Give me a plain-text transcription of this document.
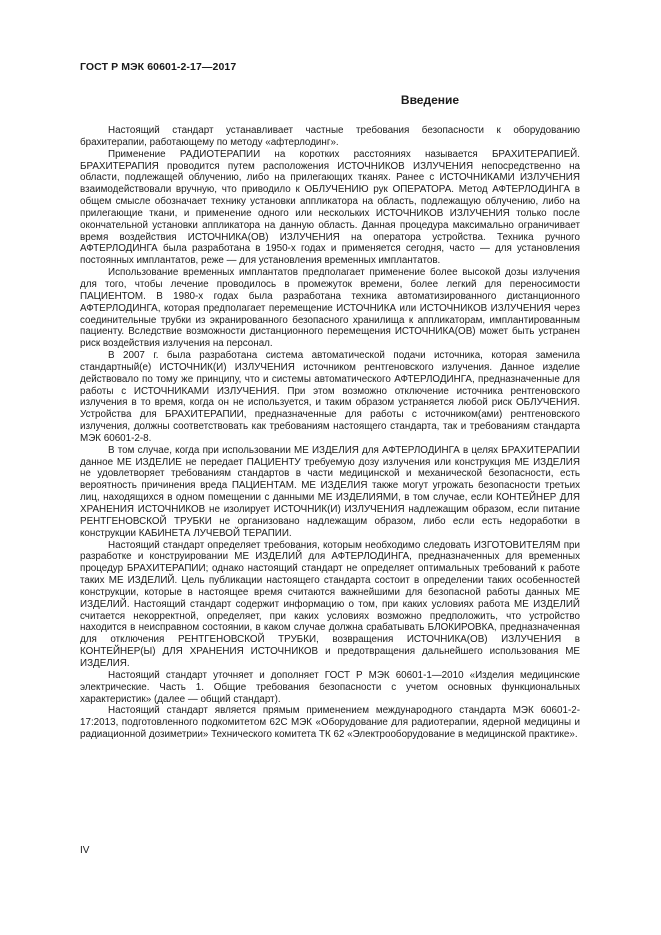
ГОСТ Р МЭК 60601-2-17—2017
Введение

Настоящий стандарт устанавливает частные требования безопасности к оборудованию брахитерапии, работающему по методу «афтерлодинг».

Применение РАДИОТЕРАПИИ на коротких расстояниях называется БРАХИТЕРАПИЕЙ. БРАХИТЕРАПИЯ проводится путем расположения ИСТОЧНИКОВ ИЗЛУЧЕНИЯ непосредственно на области, подлежащей облучению, либо на прилегающих тканях. Ранее с ИСТОЧНИКАМИ ИЗЛУЧЕНИЯ взаимодействовали вручную, что приводило к ОБЛУЧЕНИЮ рук ОПЕРАТОРА. Метод АФТЕРЛОДИНГА в общем смысле обозначает технику установки аппликатора на область, подлежащую облучению, либо на прилегающие ткани, и применение одного или нескольких ИСТОЧНИКОВ ИЗЛУЧЕНИЯ только после окончательной установки аппликатора на данную область. Данная процедура максимально ограничивает время воздействия ИСТОЧНИКА(ОВ) ИЗЛУЧЕНИЯ на оператора устройства. Техника ручного АФТЕРЛОДИНГА была разработана в 1950-х годах и применяется сегодня, часто — для установления постоянных имплантатов, реже — для установления временных имплантатов.

Использование временных имплантатов предполагает применение более высокой дозы излучения для того, чтобы лечение проводилось в промежуток времени, более легкий для переносимости ПАЦИЕНТОМ. В 1980-х годах была разработана техника автоматизированного дистанционного АФТЕРЛОДИНГА, которая предполагает перемещение ИСТОЧНИКА или ИСТОЧНИКОВ ИЗЛУЧЕНИЯ через соединительные трубки из экранированного безопасного хранилища к аппликаторам, имплантированным пациенту. Вследствие возможности дистанционного перемещения ИСТОЧНИКА(ОВ) может быть устранен риск воздействия излучения на персонал.

В 2007 г. была разработана система автоматической подачи источника, которая заменила стандартный(е) ИСТОЧНИК(И) ИЗЛУЧЕНИЯ источником рентгеновского излучения. Данное изделие действовало по тому же принципу, что и системы автоматического АФТЕРЛОДИНГА, предназначенные для работы с ИСТОЧНИКАМИ ИЗЛУЧЕНИЯ. При этом возможно отключение источника рентгеновского излучения в то время, когда он не используется, и таким образом устраняется любой риск ОБЛУЧЕНИЯ. Устройства для БРАХИТЕРАПИИ, предназначенные для работы с источником(ами) рентгеновского излучения, должны соответствовать как требованиям настоящего стандарта, так и требованиям стандарта МЭК 60601-2-8.

В том случае, когда при использовании МЕ ИЗДЕЛИЯ для АФТЕРЛОДИНГА в целях БРАХИТЕРАПИИ данное МЕ ИЗДЕЛИЕ не передает ПАЦИЕНТУ требуемую дозу излучения или конструкция МЕ ИЗДЕЛИЯ не удовлетворяет требованиям стандартов в части медицинской и механической безопасности, есть вероятность причинения вреда ПАЦИЕНТАМ. МЕ ИЗДЕЛИЯ также могут угрожать безопасности третьих лиц, находящихся в одном помещении с данными МЕ ИЗДЕЛИЯМИ, в том случае, если КОНТЕЙНЕР ДЛЯ ХРАНЕНИЯ ИСТОЧНИКОВ не изолирует ИСТОЧНИК(И) ИЗЛУЧЕНИЯ надлежащим образом, если питание РЕНТГЕНОВСКОЙ ТРУБКИ не организовано надлежащим образом, либо если есть недоработки в конструкции КАБИНЕТА ЛУЧЕВОЙ ТЕРАПИИ.

Настоящий стандарт определяет требования, которым необходимо следовать ИЗГОТОВИТЕЛЯМ при разработке и конструировании МЕ ИЗДЕЛИЙ для АФТЕРЛОДИНГА, предназначенных для временных процедур БРАХИТЕРАПИИ; однако настоящий стандарт не определяет оптимальных требований к работе таких МЕ ИЗДЕЛИЙ. Цель публикации настоящего стандарта состоит в определении таких особенностей конструкции, которые в настоящее время считаются важнейшими для безопасной работы данных МЕ ИЗДЕЛИЙ. Настоящий стандарт содержит информацию о том, при каких условиях работа МЕ ИЗДЕЛИЙ считается некорректной, определяет, при каких условиях возможно предположить, что устройство находится в неисправном состоянии, в каком случае должна срабатывать БЛОКИРОВКА, предназначенная для отключения РЕНТГЕНОВСКОЙ ТРУБКИ, возвращения ИСТОЧНИКА(ОВ) ИЗЛУЧЕНИЯ в КОНТЕЙНЕР(Ы) ДЛЯ ХРАНЕНИЯ ИСТОЧНИКОВ и предотвращения дальнейшего использования МЕ ИЗДЕЛИЯ.

Настоящий стандарт уточняет и дополняет ГОСТ Р МЭК 60601-1—2010 «Изделия медицинские электрические. Часть 1. Общие требования безопасности с учетом основных функциональных характеристик» (далее — общий стандарт).

Настоящий стандарт является прямым применением международного стандарта МЭК 60601-2-17:2013, подготовленного подкомитетом 62С МЭК «Оборудование для радиотерапии, ядерной медицины и радиационной дозиметрии» Технического комитета ТК 62 «Электрооборудование в медицинской практике».

IV
